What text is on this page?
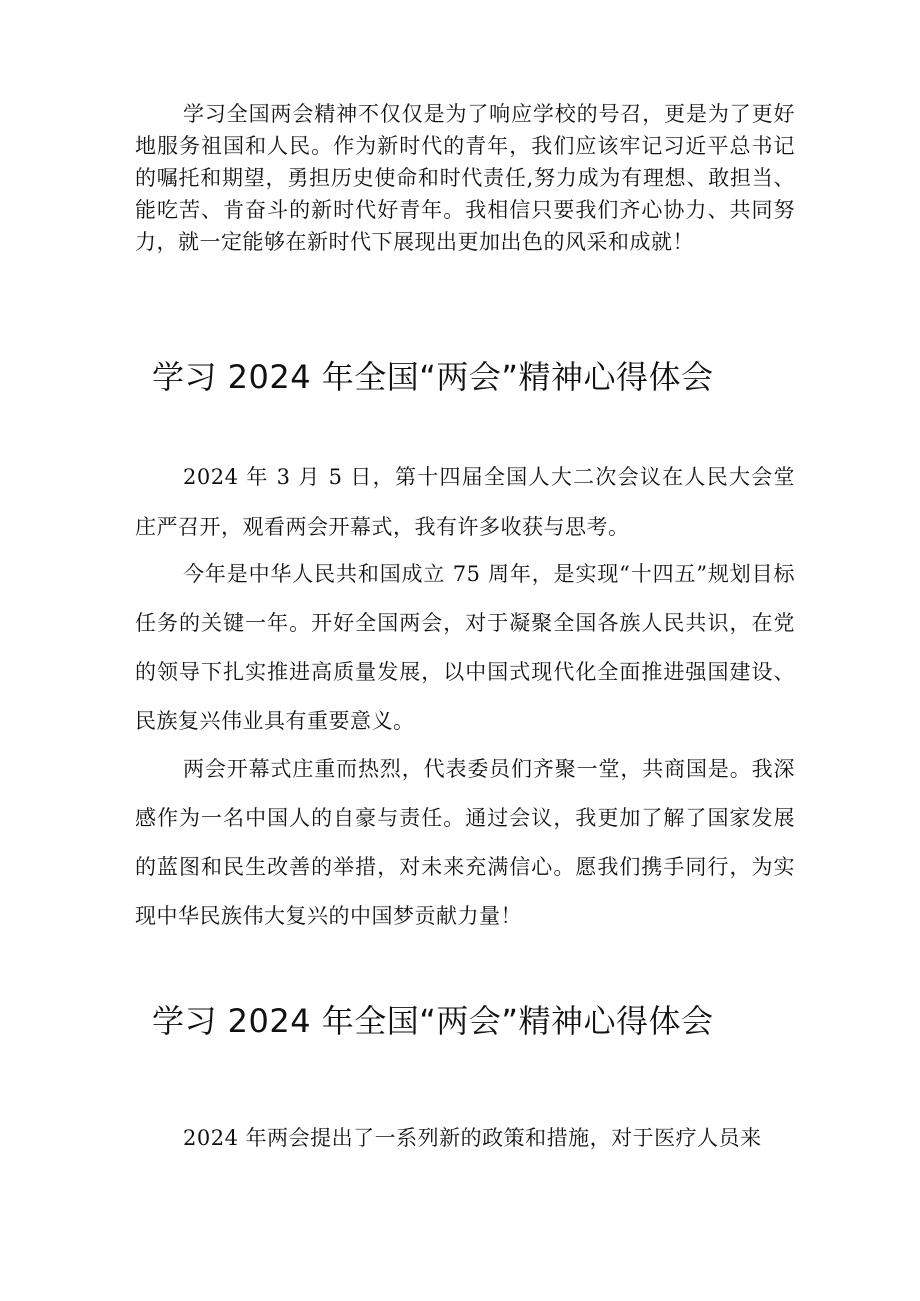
学习全国两会精神不仅仅是为了响应学校的号召，更是为了更好地服务祖国和人民。作为新时代的青年，我们应该牢记习近平总书记的嘱托和期望，勇担历史使命和时代责任,努力成为有理想、敢担当、能吃苦、肯奋斗的新时代好青年。我相信只要我们齐心协力、共同努力，就一定能够在新时代下展现出更加出色的风采和成就！

学习 2024 年全国“两会”精神心得体会

2024 年 3 月 5 日，第十四届全国人大二次会议在人民大会堂庄严召开，观看两会开幕式，我有许多收获与思考。

今年是中华人民共和国成立 75 周年，是实现“十四五”规划目标任务的关键一年。开好全国两会，对于凝聚全国各族人民共识，在党的领导下扎实推进高质量发展，以中国式现代化全面推进强国建设、民族复兴伟业具有重要意义。

两会开幕式庄重而热烈，代表委员们齐聚一堂，共商国是。我深感作为一名中国人的自豪与责任。通过会议，我更加了解了国家发展的蓝图和民生改善的举措，对未来充满信心。愿我们携手同行，为实现中华民族伟大复兴的中国梦贡献力量！

学习 2024 年全国“两会”精神心得体会

2024 年两会提出了一系列新的政策和措施，对于医疗人员来
